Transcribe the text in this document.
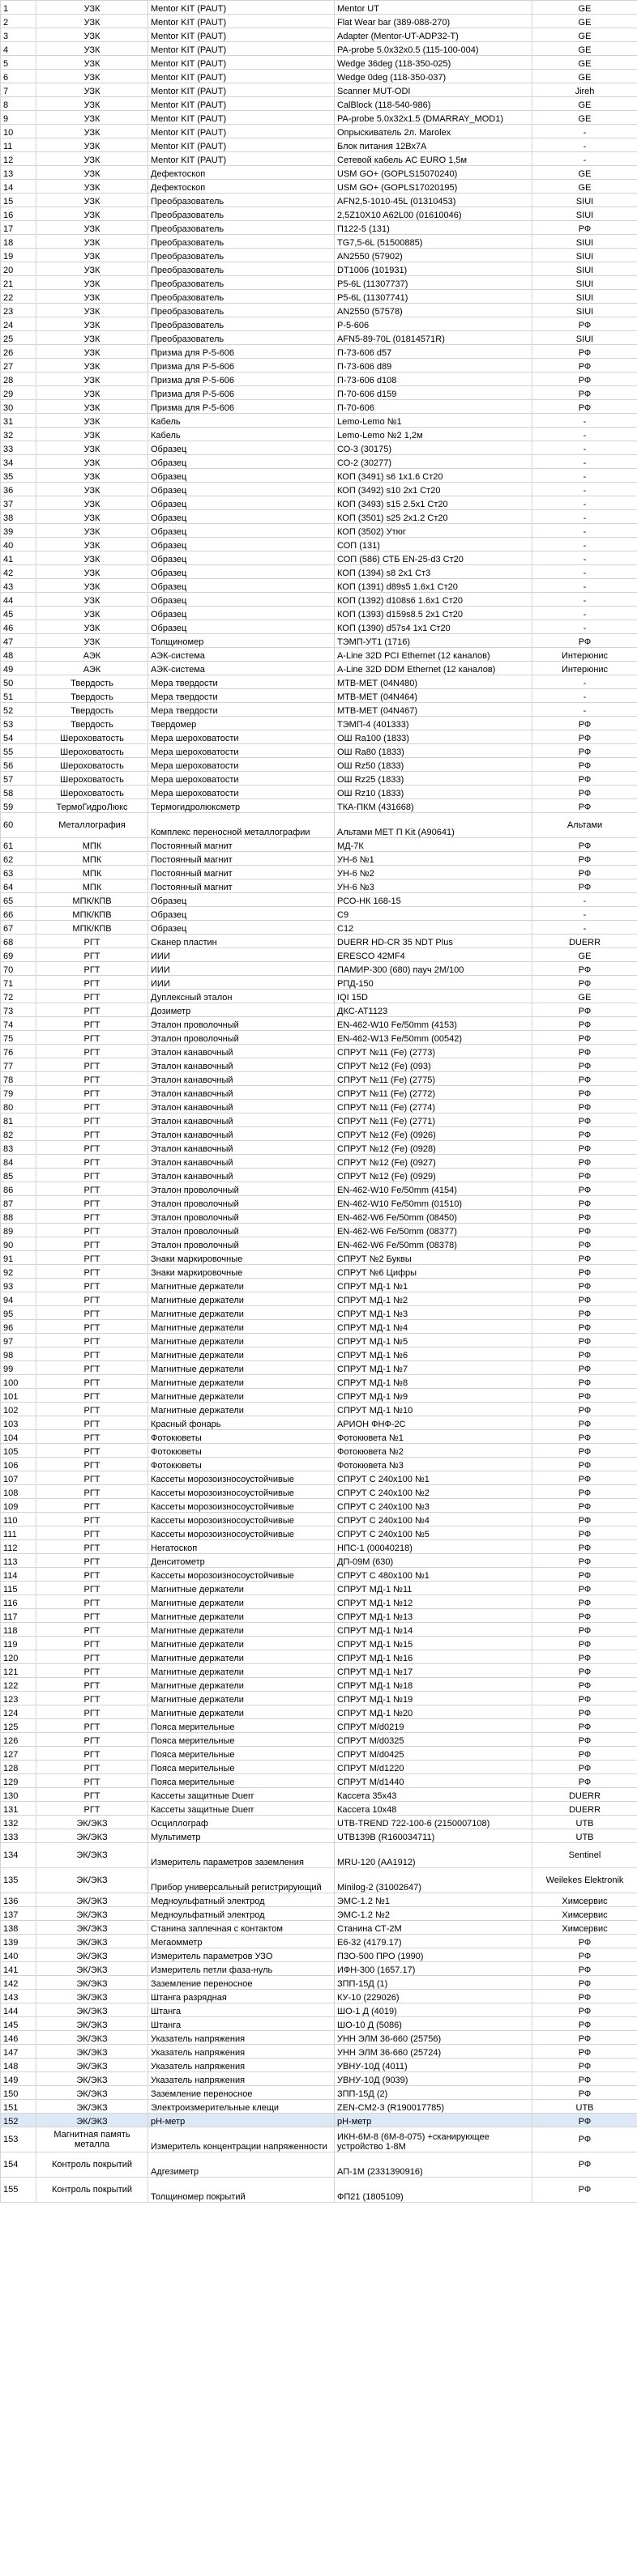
1	УЗК	Mentor KIT (PAUT)	Mentor UT	GE
2	УЗК	Mentor KIT (PAUT)	Flat Wear bar (389-088-270)	GE
3	УЗК	Mentor KIT (PAUT)	Adapter (Mentor-UT-ADP32-T)	GE
4	УЗК	Mentor KIT (PAUT)	PA-probe 5.0x32x0.5 (115-100-004)	GE
5	УЗК	Mentor KIT (PAUT)	Wedge 36deg (118-350-025)	GE
6	УЗК	Mentor KIT (PAUT)	Wedge 0deg (118-350-037)	GE
7	УЗК	Mentor KIT (PAUT)	Scanner MUT-ODI	Jireh
8	УЗК	Mentor KIT (PAUT)	CalBlock (118-540-986)	GE
9	УЗК	Mentor KIT (PAUT)	PA-probe 5.0x32x1.5 (DMARRAY_MOD1)	GE
10	УЗК	Mentor KIT (PAUT)	Опрыскиватель 2л. Marolex	-
11	УЗК	Mentor KIT (PAUT)	Блок питания 12Вх7А	-
12	УЗК	Mentor KIT (PAUT)	Сетевой кабель AC EURO 1,5м	-
13	УЗК	Дефектоскоп	USM GO+ (GOPLS15070240)	GE
14	УЗК	Дефектоскоп	USM GO+ (GOPLS17020195)	GE
15	УЗК	Преобразователь	AFN2,5-1010-45L (01310453)	SIUI
16	УЗК	Преобразователь	2,5Z10X10 A62L00 (01610046)	SIUI
17	УЗК	Преобразователь	П122-5 (131)	РФ
18	УЗК	Преобразователь	TG7,5-6L (51500885)	SIUI
19	УЗК	Преобразователь	AN2550 (57902)	SIUI
20	УЗК	Преобразователь	DT1006 (101931)	SIUI
21	УЗК	Преобразователь	P5-6L (11307737)	SIUI
22	УЗК	Преобразователь	P5-6L (11307741)	SIUI
23	УЗК	Преобразователь	AN2550 (57578)	SIUI
24	УЗК	Преобразователь	P-5-606	РФ
25	УЗК	Преобразователь	AFN5-89-70L (01814571R)	SIUI
26	УЗК	Призма для P-5-606	П-73-606 d57	РФ
27	УЗК	Призма для P-5-606	П-73-606 d89	РФ
28	УЗК	Призма для P-5-606	П-73-606 d108	РФ
29	УЗК	Призма для P-5-606	П-70-606 d159	РФ
30	УЗК	Призма для P-5-606	П-70-606	РФ
31	УЗК	Кабель	Lemo-Lemo №1	-
32	УЗК	Кабель	Lemo-Lemo №2 1,2м	-
33	УЗК	Образец	СО-3 (30175)	-
34	УЗК	Образец	СО-2 (30277)	-
35	УЗК	Образец	КОП (3491) s6 1x1.6 Ст20	-
36	УЗК	Образец	КОП (3492) s10 2x1 Ст20	-
37	УЗК	Образец	КОП (3493) s15 2.5x1 Ст20	-
38	УЗК	Образец	КОП (3501) s25 2x1.2 Ст20	-
39	УЗК	Образец	КОП (3502) Утюг	-
40	УЗК	Образец	СОП (131)	-
41	УЗК	Образец	СОП (586) СТБ EN-25-d3 Ст20	-
42	УЗК	Образец	КОП (1394) s8 2x1 Ст3	-
43	УЗК	Образец	КОП (1391) d89s5 1.6x1 Ст20	-
44	УЗК	Образец	КОП (1392) d108s6 1.6x1 Ст20	-
45	УЗК	Образец	КОП (1393) d159s8.5 2x1 Ст20	-
46	УЗК	Образец	КОП (1390) d57s4 1x1 Ст20	-
47	УЗК	Толщиномер	ТЭМП-УТ1 (1716)	РФ
48	АЭК	АЭК-система	A-Line 32D PCI Ethernet (12 каналов)	Интерюнис
49	АЭК	АЭК-система	A-Line 32D DDM Ethernet (12 каналов)	Интерюнис
50	Твердость	Мера твердости	МТВ-МЕТ (04N480)	-
51	Твердость	Мера твердости	МТВ-МЕТ (04N464)	-
52	Твердость	Мера твердости	МТВ-МЕТ (04N467)	-
53	Твердость	Твердомер	ТЭМП-4 (401333)	РФ
54	Шероховатость	Мера шероховатости	ОШ Ra100 (1833)	РФ
55	Шероховатость	Мера шероховатости	ОШ Ra80 (1833)	РФ
56	Шероховатость	Мера шероховатости	ОШ Rz50 (1833)	РФ
57	Шероховатость	Мера шероховатости	ОШ Rz25 (1833)	РФ
58	Шероховатость	Мера шероховатости	ОШ Rz10 (1833)	РФ
59	ТермоГидроЛюкс	Термогидролюксметр	ТКА-ПКМ (431668)	РФ
60	Металлография	Комплекс переносной металлографии	Альтами МЕТ П Kit (А90641)	Альтами
61	МПК	Постоянный магнит	МД-7К	РФ
62	МПК	Постоянный магнит	УН-6 №1	РФ
63	МПК	Постоянный магнит	УН-6 №2	РФ
64	МПК	Постоянный магнит	УН-6 №3	РФ
65	МПК/КПВ	Образец	РСО-НК 168-15	-
66	МПК/КПВ	Образец	C9	-
67	МПК/КПВ	Образец	C12	-
68	РГТ	Сканер пластин	DUERR HD-CR 35 NDT Plus	DUERR
69	РГТ	ИИИ	ERESCO 42MF4	GE
70	РГТ	ИИИ	ПАМИР-300 (680) пауч 2М/100	РФ
71	РГТ	ИИИ	РПД-150	РФ
72	РГТ	Дуплексный эталон	IQI 15D	GE
73	РГТ	Дозиметр	ДКС-АТ1123	РФ
74	РГТ	Эталон проволочный	EN-462-W10 Fe/50mm (4153)	РФ
75	РГТ	Эталон проволочный	EN-462-W13 Fe/50mm (00542)	РФ
76	РГТ	Эталон канавочный	СПРУТ №11 (Fe) (2773)	РФ
77	РГТ	Эталон канавочный	СПРУТ №12 (Fe) (093)	РФ
78	РГТ	Эталон канавочный	СПРУТ №11 (Fe) (2775)	РФ
79	РГТ	Эталон канавочный	СПРУТ №11 (Fe) (2772)	РФ
80	РГТ	Эталон канавочный	СПРУТ №11 (Fe) (2774)	РФ
81	РГТ	Эталон канавочный	СПРУТ №11 (Fe) (2771)	РФ
82	РГТ	Эталон канавочный	СПРУТ №12 (Fe) (0926)	РФ
83	РГТ	Эталон канавочный	СПРУТ №12 (Fe) (0928)	РФ
84	РГТ	Эталон канавочный	СПРУТ №12 (Fe) (0927)	РФ
85	РГТ	Эталон канавочный	СПРУТ №12 (Fe) (0929)	РФ
86	РГТ	Эталон проволочный	EN-462-W10 Fe/50mm (4154)	РФ
87	РГТ	Эталон проволочный	EN-462-W10 Fe/50mm (01510)	РФ
88	РГТ	Эталон проволочный	EN-462-W6 Fe/50mm (08450)	РФ
89	РГТ	Эталон проволочный	EN-462-W6 Fe/50mm (08377)	РФ
90	РГТ	Эталон проволочный	EN-462-W6 Fe/50mm (08378)	РФ
91	РГТ	Знаки маркировочные	СПРУТ №2 Буквы	РФ
92	РГТ	Знаки маркировочные	СПРУТ №6 Цифры	РФ
93	РГТ	Магнитные держатели	СПРУТ МД-1 №1	РФ
94	РГТ	Магнитные держатели	СПРУТ МД-1 №2	РФ
95	РГТ	Магнитные держатели	СПРУТ МД-1 №3	РФ
96	РГТ	Магнитные держатели	СПРУТ МД-1 №4	РФ
97	РГТ	Магнитные держатели	СПРУТ МД-1 №5	РФ
98	РГТ	Магнитные держатели	СПРУТ МД-1 №6	РФ
99	РГТ	Магнитные держатели	СПРУТ МД-1 №7	РФ
100	РГТ	Магнитные держатели	СПРУТ МД-1 №8	РФ
101	РГТ	Магнитные держатели	СПРУТ МД-1 №9	РФ
102	РГТ	Магнитные держатели	СПРУТ МД-1 №10	РФ
103	РГТ	Красный фонарь	АРИОН ФНФ-2С	РФ
104	РГТ	Фотокюветы	Фотокювета №1	РФ
105	РГТ	Фотокюветы	Фотокювета №2	РФ
106	РГТ	Фотокюветы	Фотокювета №3	РФ
107	РГТ	Кассеты морозоизносоустойчивые	СПРУТ С 240х100 №1	РФ
108	РГТ	Кассеты морозоизносоустойчивые	СПРУТ С 240х100 №2	РФ
109	РГТ	Кассеты морозоизносоустойчивые	СПРУТ С 240х100 №3	РФ
110	РГТ	Кассеты морозоизносоустойчивые	СПРУТ С 240х100 №4	РФ
111	РГТ	Кассеты морозоизносоустойчивые	СПРУТ С 240х100 №5	РФ
112	РГТ	Негатоскоп	НПС-1 (00040218)	РФ
113	РГТ	Денситометр	ДП-09М (630)	РФ
114	РГТ	Кассеты морозоизносоустойчивые	СПРУТ С 480х100 №1	РФ
115	РГТ	Магнитные держатели	СПРУТ МД-1 №11	РФ
116	РГТ	Магнитные держатели	СПРУТ МД-1 №12	РФ
117	РГТ	Магнитные держатели	СПРУТ МД-1 №13	РФ
118	РГТ	Магнитные держатели	СПРУТ МД-1 №14	РФ
119	РГТ	Магнитные держатели	СПРУТ МД-1 №15	РФ
120	РГТ	Магнитные держатели	СПРУТ МД-1 №16	РФ
121	РГТ	Магнитные держатели	СПРУТ МД-1 №17	РФ
122	РГТ	Магнитные держатели	СПРУТ МД-1 №18	РФ
123	РГТ	Магнитные держатели	СПРУТ МД-1 №19	РФ
124	РГТ	Магнитные держатели	СПРУТ МД-1 №20	РФ
125	РГТ	Пояса мерительные	СПРУТ М/d0219	РФ
126	РГТ	Пояса мерительные	СПРУТ М/d0325	РФ
127	РГТ	Пояса мерительные	СПРУТ М/d0425	РФ
128	РГТ	Пояса мерительные	СПРУТ М/d1220	РФ
129	РГТ	Пояса мерительные	СПРУТ М/d1440	РФ
130	РГТ	Кассеты защитные Duerr	Кассета 35х43	DUERR
131	РГТ	Кассеты защитные Duerr	Кассета 10х48	DUERR
132	ЭК/ЭКЗ	Осциллограф	UTB-TREND 722-100-6 (2150007108)	UTB
133	ЭК/ЭКЗ	Мультиметр	UTB139B (R160034711)	UTB
134	ЭК/ЭКЗ	Измеритель параметров заземления	MRU-120 (AA1912)	Sentinel
135	ЭК/ЭКЗ	Прибор универсальный регистрирующий	Minilog-2 (31002647)	Weilekes Elektronik
136	ЭК/ЭКЗ	Медноульфатный электрод	ЭМС-1.2 №1	Химсервис
137	ЭК/ЭКЗ	Медноульфатный электрод	ЭМС-1.2 №2	Химсервис
138	ЭК/ЭКЗ	Станина заплечная с контактом	Станина СТ-2М	Химсервис
139	ЭК/ЭКЗ	Мегаомметр	E6-32 (4179.17)	РФ
140	ЭК/ЭКЗ	Измеритель параметров УЗО	ПЗО-500 ПРО (1990)	РФ
141	ЭК/ЭКЗ	Измеритель петли фаза-нуль	ИФН-300 (1657.17)	РФ
142	ЭК/ЭКЗ	Заземление переносное	ЗПП-15Д (1)	РФ
143	ЭК/ЭКЗ	Штанга разрядная	КУ-10 (229026)	РФ
144	ЭК/ЭКЗ	Штанга	ШО-1 Д (4019)	РФ
145	ЭК/ЭКЗ	Штанга	ШО-10 Д (5086)	РФ
146	ЭК/ЭКЗ	Указатель напряжения	УНН ЭЛМ 36-660 (25756)	РФ
147	ЭК/ЭКЗ	Указатель напряжения	УНН ЭЛМ 36-660 (25724)	РФ
148	ЭК/ЭКЗ	Указатель напряжения	УВНУ-10Д (4011)	РФ
149	ЭК/ЭКЗ	Указатель напряжения	УВНУ-10Д (9039)	РФ
150	ЭК/ЭКЗ	Заземление переносное	ЗПП-15Д (2)	РФ
151	ЭК/ЭКЗ	Электроизмерительные клещи	ZEN-CM2-3 (R190017785)	UTB
152	ЭК/ЭКЗ	рН-метр	рН-метр	РФ
153	Магнитная память металла	Измеритель концентрации напряженности	ИКН-6М-8 (6М-8-075) +сканирующее устройство 1-8М	РФ
154	Контроль покрытий	Адгезиметр	АП-1М (2331390916)	РФ
155	Контроль покрытий	Толщиномер покрытий	ФП21 (1805109)	РФ
